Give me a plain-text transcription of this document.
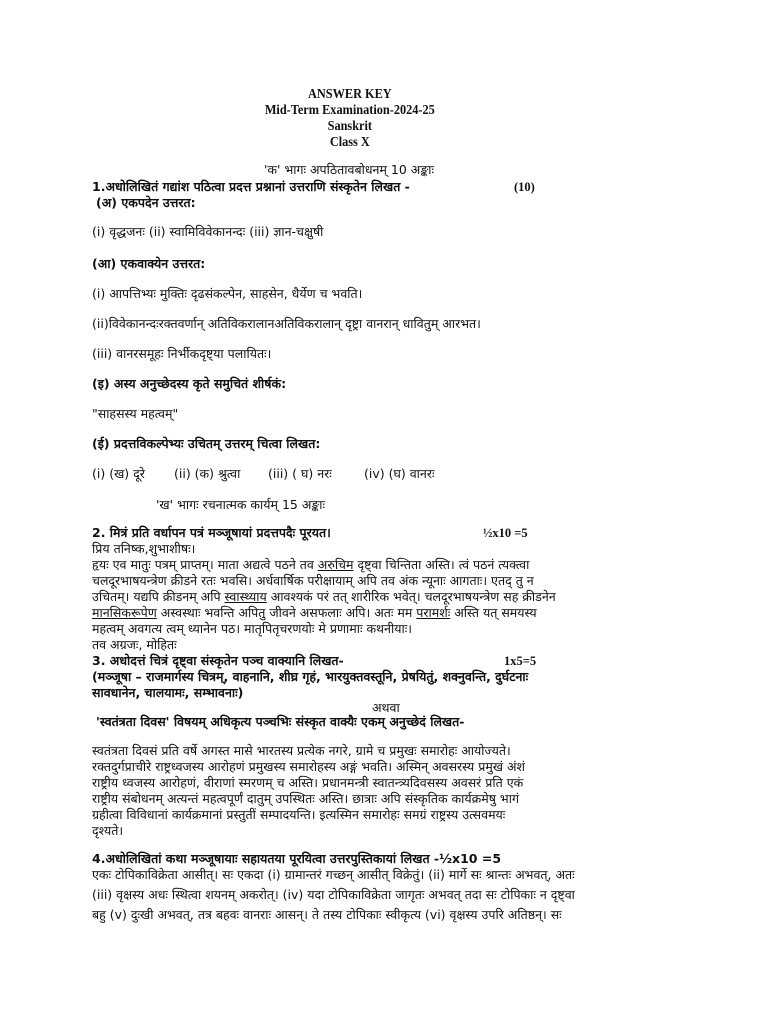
ANSWER KEY
Mid-Term Examination-2024-25
Sanskrit
Class X
'क' भागः अपठितावबोधनम् 10 अङ्काः
1.अधोलिखितं गद्यांश पठित्वा प्रदत्त प्रश्नानां उत्तराणि संस्कृतेन लिखत -	(10)
(अ) एकपदेन उत्तरत:
(i) वृद्धजनः (ii) स्वामिविवेकानन्दः (iii) ज्ञान-चक्षुषी
(आ) एकवाक्येन उत्तरत:
(i) आपत्तिभ्यः मुक्तिः दृढसंकल्पेन, साहसेन, धैर्येण च भवति।
(ii)विवेकानन्दःरक्तवर्णान् अतिविकरालानअतिविकरालान् दृष्ट्रा वानरान् धावितुम् आरभत।
(iii) वानरसमूहः निर्भीकदृष्ट्या पलायितः।
(इ) अस्य अनुच्छेदस्य कृते समुचितं शीर्षकं:
"साहसस्य महत्वम्"
(ई) प्रदत्तविकल्पेभ्यः उचितम् उत्तरम् चित्वा लिखत:
(i) (ख) दूरे (ii) (क) श्रुत्वा (iii) ( घ) नरः	(iv) (घ) वानरः
'ख' भागः रचनात्मक कार्यम् 15 अङ्काः
2. मित्रं प्रति वर्धापन पत्रं मञ्जूषायां प्रदत्तपदैः पूरयत।	½x10 =5
प्रिय तनिष्क,शुभाशीषः।
हृयः एव मातुः पत्रम् प्राप्तम्। माता अद्यत्वे पठने तव अरुचिम दृष्ट्वा चिन्तिता अस्ति। त्वं पठनं त्यक्त्वा
चलदूरभाषयन्त्रेण क्रीडने रतः भवसि। अर्धवार्षिक परीक्षायाम् अपि तव अंक न्यूनाः आगताः। एतद् तु न
उचितम्। यद्यपि क्रीडनम् अपि स्वास्थ्याय आवश्यकं परं तत् शारीरिक भवेत्। चलदूरभाषयन्त्रेण सह क्रीडनेन
मानसिकरूपेण अस्वस्थाः भवन्ति अपितु जीवने असफलाः अपि। अतः मम परामर्शः अस्ति यत् समयस्य
महत्वम् अवगत्य त्वम् ध्यानेन पठ। मातृपितृचरणयोः मे प्रणामाः कथनीयाः।
तव अग्रजः, मोहितः
3. अधोदत्तं चित्रं दृष्ट्वा संस्कृतेन पञ्च वाक्यानि लिखत-	1x5=5
(मञ्जूषा – राजमार्गस्य चित्रम्, वाहनानि, शीघ्र गृहं, भारयुक्तवस्तूनि, प्रेषयितुं, शक्नुवन्ति, दुर्घटनाः
सावधानेन, चालयामः, सम्भावनाः)
अथवा
'स्वतंत्रता दिवस' विषयम् अधिकृत्य पञ्चभिः संस्कृत वाक्यैः एकम् अनुच्छेदं लिखत-
स्वतंत्रता दिवसं प्रति वर्षे अगस्त मासे भारतस्य प्रत्येक नगरे, ग्रामे च प्रमुखः समारोहः आयोज्यते।
रक्तदुर्गप्राचीरे राष्ट्रध्वजस्य आरोहणं प्रमुखस्य समारोहस्य अङ्गं भवति। अस्मिन् अवसरस्य प्रमुखं अंशं
राष्ट्रीय ध्वजस्य आरोहणं, वीराणां स्मरणम् च अस्ति। प्रधानमन्त्री स्वातन्त्र्यदिवसस्य अवसरं प्रति एकं
राष्ट्रीय संबोधनम् अत्यन्तं महत्वपूर्णं दातुम् उपस्थितः अस्ति। छात्राः अपि संस्कृतिक कार्यक्रमेषु भागं
ग्रहीत्वा विविधानां कार्यक्रमानां प्रस्तुतीं सम्पादयन्ति। इत्यस्मिन समारोहः समग्रं राष्ट्रस्य उत्सवमयः
दृश्यते।
4.अधोलिखितां कथा मञ्जूषायाः सहायतया पूरयित्वा उत्तरपुस्तिकायां लिखत -½x10 =5
एकः टोपिकाविक्रेता आसीत्। सः एकदा (i) ग्रामान्तरं गच्छन् आसीत् विक्रेतुं। (ii) मार्गे सः श्रान्तः अभवत्, अतः
(iii) वृक्षस्य अधः स्थित्वा शयनम् अकरोत्। (iv) यदा टोपिकाविक्रेता जागृतः अभवत् तदा सः टोपिकाः न दृष्ट्वा
बहु (v) दुःखी अभवत्, तत्र बहवः वानराः आसन्। ते तस्य टोपिकाः स्वीकृत्य (vi) वृक्षस्य उपरि अतिष्ठन्। सः
